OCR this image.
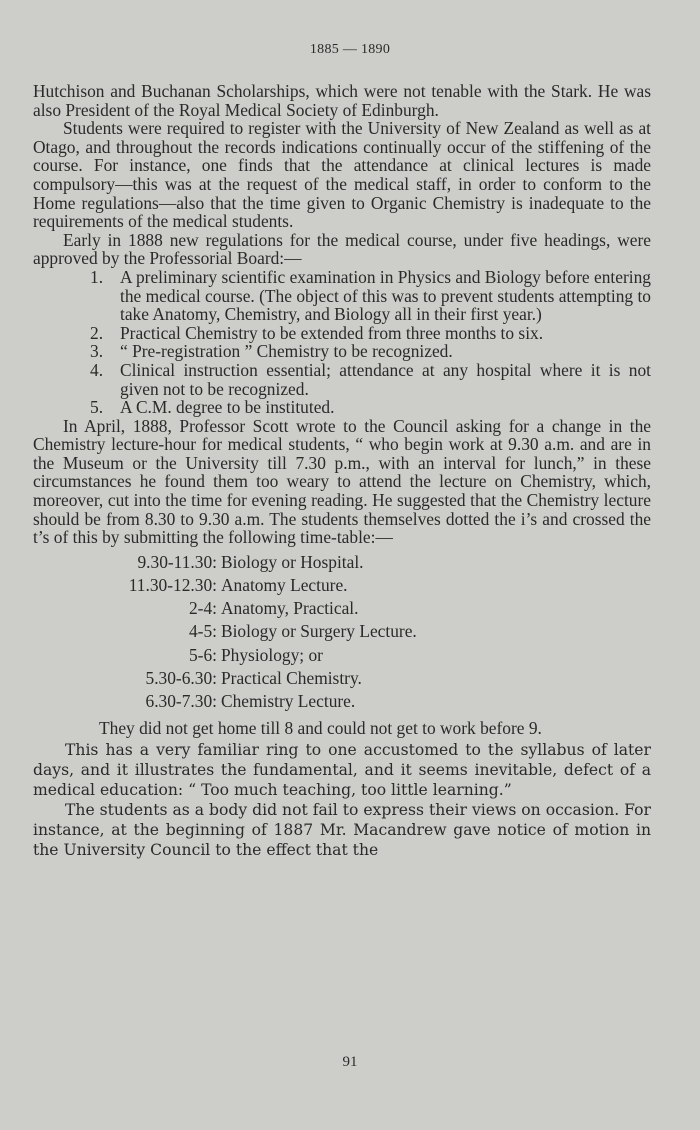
1885 — 1890

Hutchison and Buchanan Scholarships, which were not tenable with the Stark. He was also President of the Royal Medical Society of Edinburgh.

Students were required to register with the University of New Zealand as well as at Otago, and throughout the records indications continually occur of the stiffening of the course. For instance, one finds that the attendance at clinical lectures is made compulsory—this was at the request of the medical staff, in order to conform to the Home regulations—also that the time given to Organic Chemistry is inadequate to the requirements of the medical students.

Early in 1888 new regulations for the medical course, under five headings, were approved by the Professorial Board:—

1. A preliminary scientific examination in Physics and Biology before entering the medical course. (The object of this was to prevent students attempting to take Anatomy, Chemistry, and Biology all in their first year.)
2. Practical Chemistry to be extended from three months to six.
3. “ Pre-registration ” Chemistry to be recognized.
4. Clinical instruction essential; attendance at any hospital where it is not given not to be recognized.
5. A C.M. degree to be instituted.

In April, 1888, Professor Scott wrote to the Council asking for a change in the Chemistry lecture-hour for medical students, “ who begin work at 9.30 a.m. and are in the Museum or the University till 7.30 p.m., with an interval for lunch,” in these circumstances he found them too weary to attend the lecture on Chemistry, which, moreover, cut into the time for evening reading. He suggested that the Chemistry lecture should be from 8.30 to 9.30 a.m. The students themselves dotted the i’s and crossed the t’s of this by submitting the following time-table:—

9.30-11.30: Biology or Hospital.
11.30-12.30: Anatomy Lecture.
2-4: Anatomy, Practical.
4-5: Biology or Surgery Lecture.
5-6: Physiology; or
5.30-6.30: Practical Chemistry.
6.30-7.30: Chemistry Lecture.

They did not get home till 8 and could not get to work before 9.

This has a very familiar ring to one accustomed to the syllabus of later days, and it illustrates the fundamental, and it seems inevitable, defect of a medical education: “ Too much teaching, too little learning.”

The students as a body did not fail to express their views on occasion. For instance, at the beginning of 1887 Mr. Macandrew gave notice of motion in the University Council to the effect that the

91
